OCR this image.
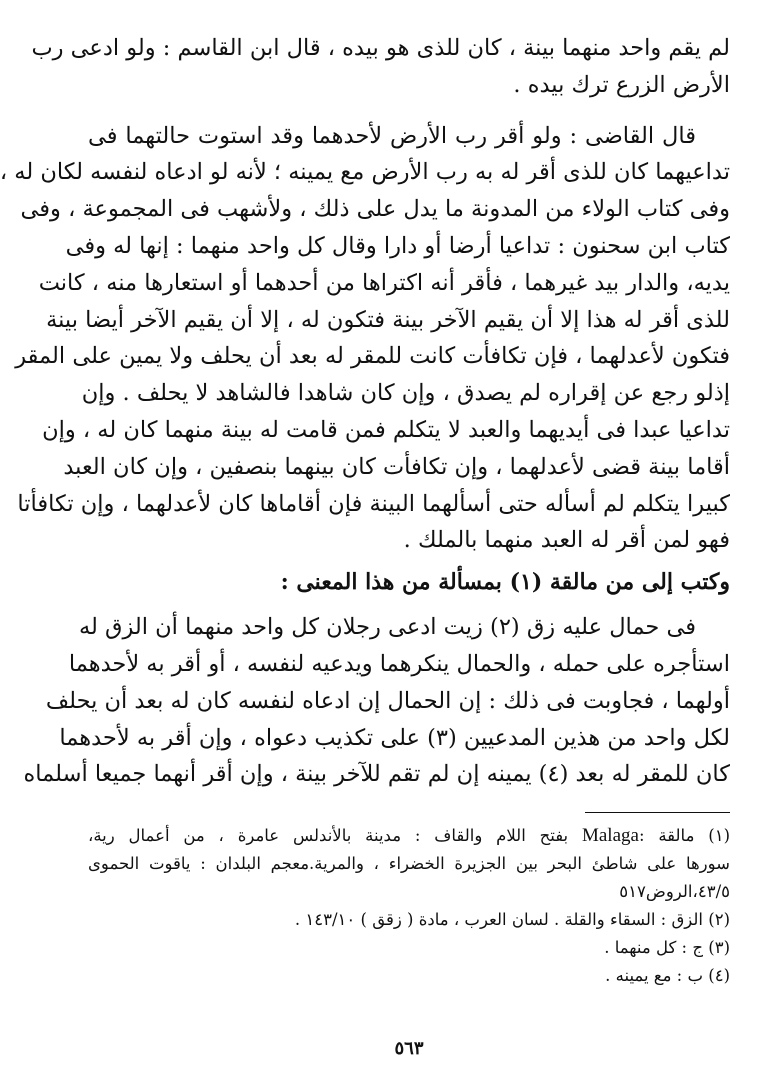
لم يقم واحد منهما بينة ، كان للذى هو بيده ، قال ابن القاسم : ولو ادعى رب
الأرض الزرع ترك بيده .
قال القاضى : ولو أقر رب الأرض لأحدهما وقد استوت حالتهما فى
تداعيهما كان للذى أقر له به رب الأرض مع يمينه ؛ لأنه لو ادعاه لنفسه لكان له ،
وفى كتاب الولاء من المدونة ما يدل على ذلك ، ولأشهب فى المجموعة ، وفى
كتاب ابن سحنون : تداعيا أرضا أو دارا وقال كل واحد منهما : إنها له وفى
يديه، والدار بيد غيرهما ، فأقر أنه اكتراها من أحدهما أو استعارها منه ، كانت
للذى أقر له هذا إلا أن يقيم الآخر بينة فتكون له ، إلا أن يقيم الآخر أيضا بينة
فتكون لأعدلهما ، فإن تكافأت كانت للمقر له بعد أن يحلف ولا يمين على المقر
إذلو رجع عن إقراره لم يصدق ، وإن كان شاهدا فالشاهد لا يحلف . وإن
تداعيا عبدا فى أيديهما والعبد لا يتكلم فمن قامت له بينة منهما كان له ، وإن
أقاما بينة قضى لأعدلهما ، وإن تكافأت كان بينهما بنصفين ، وإن كان العبد
كبيرا يتكلم لم أسأله حتى أسألهما البينة فإن أقاماها كان لأعدلهما ، وإن تكافأتا
فهو لمن أقر له العبد منهما بالملك .
وكتب إلى من مالقة (١) بمسألة من هذا المعنى :
فى حمال عليه زق (٢) زيت ادعى رجلان كل واحد منهما أن الزق له
استأجره على حمله ، والحمال ينكرهما ويدعيه لنفسه ، أو أقر به لأحدهما
أولهما ، فجاوبت فى ذلك : إن الحمال إن ادعاه لنفسه كان له بعد أن يحلف
لكل واحد من هذين المدعيين (٣) على تكذيب دعواه ، وإن أقر به لأحدهما
كان للمقر له بعد (٤) يمينه إن لم تقم للآخر بينة ، وإن أقر أنهما جميعا أسلماه
(١) مالقة :Malaga بفتح اللام والقاف : مدينة بالأندلس عامرة ، من أعمال رية،
سورها على شاطئ البحر بين الجزيرة الخضراء ، والمرية.معجم البلدان : ياقوت الحموى
٤٣/٥،الروض٥١٧
(٢) الزق : السقاء والقلة . لسان العرب ، مادة ( زقق ) ١٤٣/١٠ .
(٣) ج : كل منهما .
(٤) ب : مع يمينه .
٥٦٣
